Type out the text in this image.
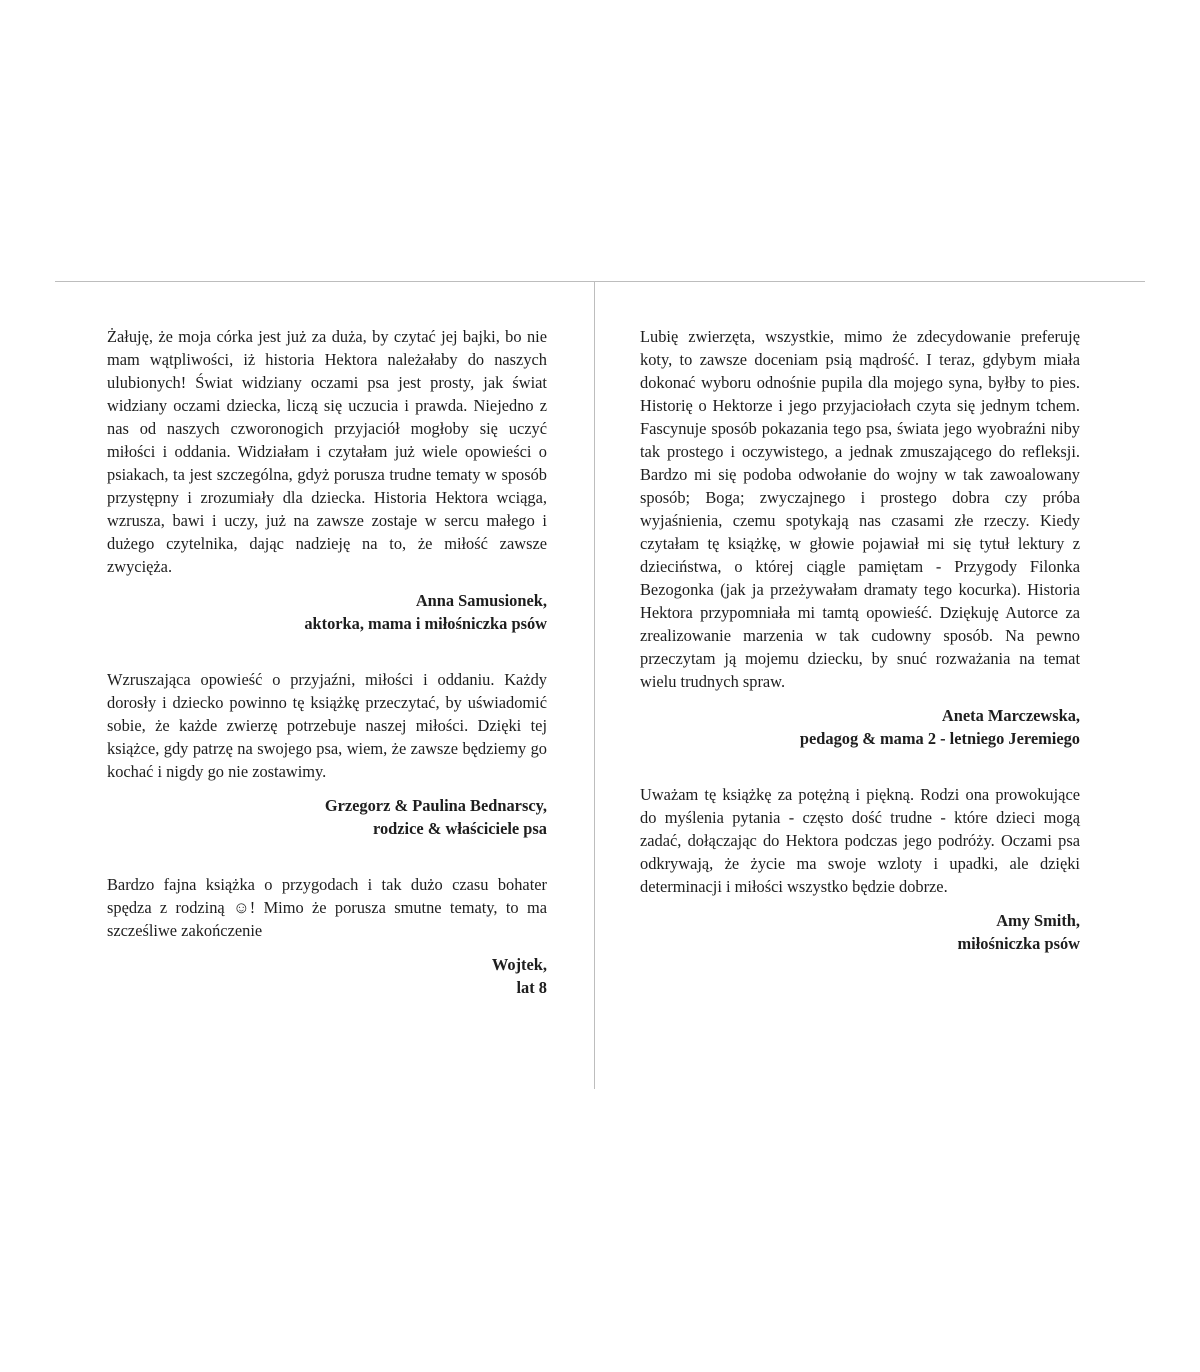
Żałuję, że moja córka jest już za duża, by czytać jej bajki, bo nie mam wątpliwości, iż historia Hektora należałaby do naszych ulubionych! Świat widziany oczami psa jest prosty, jak świat widziany oczami dziecka, liczą się uczucia i prawda. Niejedno z nas od naszych czworonogich przyjaciół mogłoby się uczyć miłości i oddania. Widziałam i czytałam już wiele opowieści o psiakach, ta jest szczególna, gdyż porusza trudne tematy w sposób przystępny i zrozumiały dla dziecka. Historia Hektora wciąga, wzrusza, bawi i uczy, już na zawsze zostaje w sercu małego i dużego czytelnika, dając nadzieję na to, że miłość zawsze zwycięża.

Anna Samusionek,
aktorka, mama i miłośniczka psów

Wzruszająca opowieść o przyjaźni, miłości i oddaniu. Każdy dorosły i dziecko powinno tę książkę przeczytać, by uświadomić sobie, że każde zwierzę potrzebuje naszej miłości. Dzięki tej książce, gdy patrzę na swojego psa, wiem, że zawsze będziemy go kochać i nigdy go nie zostawimy.

Grzegorz & Paulina Bednarscy,
rodzice & właściciele psa

Bardzo fajna książka o przygodach i tak dużo czasu bohater spędza z rodziną ☺! Mimo że porusza smutne tematy, to ma szcześliwe zakończenie

Wojtek,
lat 8

Lubię zwierzęta, wszystkie, mimo że zdecydowanie preferuję koty, to zawsze doceniam psią mądrość. I teraz, gdybym miała dokonać wyboru odnośnie pupila dla mojego syna, byłby to pies. Historię o Hektorze i jego przyjaciołach czyta się jednym tchem. Fascynuje sposób pokazania tego psa, świata jego wyobraźni niby tak prostego i oczywistego, a jednak zmuszającego do refleksji. Bardzo mi się podoba odwołanie do wojny w tak zawoalowany sposób; Boga; zwyczajnego i prostego dobra czy próba wyjaśnienia, czemu spotykają nas czasami złe rzeczy. Kiedy czytałam tę książkę, w głowie pojawiał mi się tytuł lektury z dzieciństwa, o której ciągle pamiętam - Przygody Filonka Bezogonka (jak ja przeżywałam dramaty tego kocurka). Historia Hektora przypomniała mi tamtą opowieść. Dziękuję Autorce za zrealizowanie marzenia w tak cudowny sposób. Na pewno przeczytam ją mojemu dziecku, by snuć rozważania na temat wielu trudnych spraw.

Aneta Marczewska,
pedagog & mama 2 - letniego Jeremiego

Uważam tę książkę za potężną i piękną. Rodzi ona prowokujące do myślenia pytania - często dość trudne - które dzieci mogą zadać, dołączając do Hektora podczas jego podróży. Oczami psa odkrywają, że życie ma swoje wzloty i upadki, ale dzięki determinacji i miłości wszystko będzie dobrze.

Amy Smith,
miłośniczka psów
